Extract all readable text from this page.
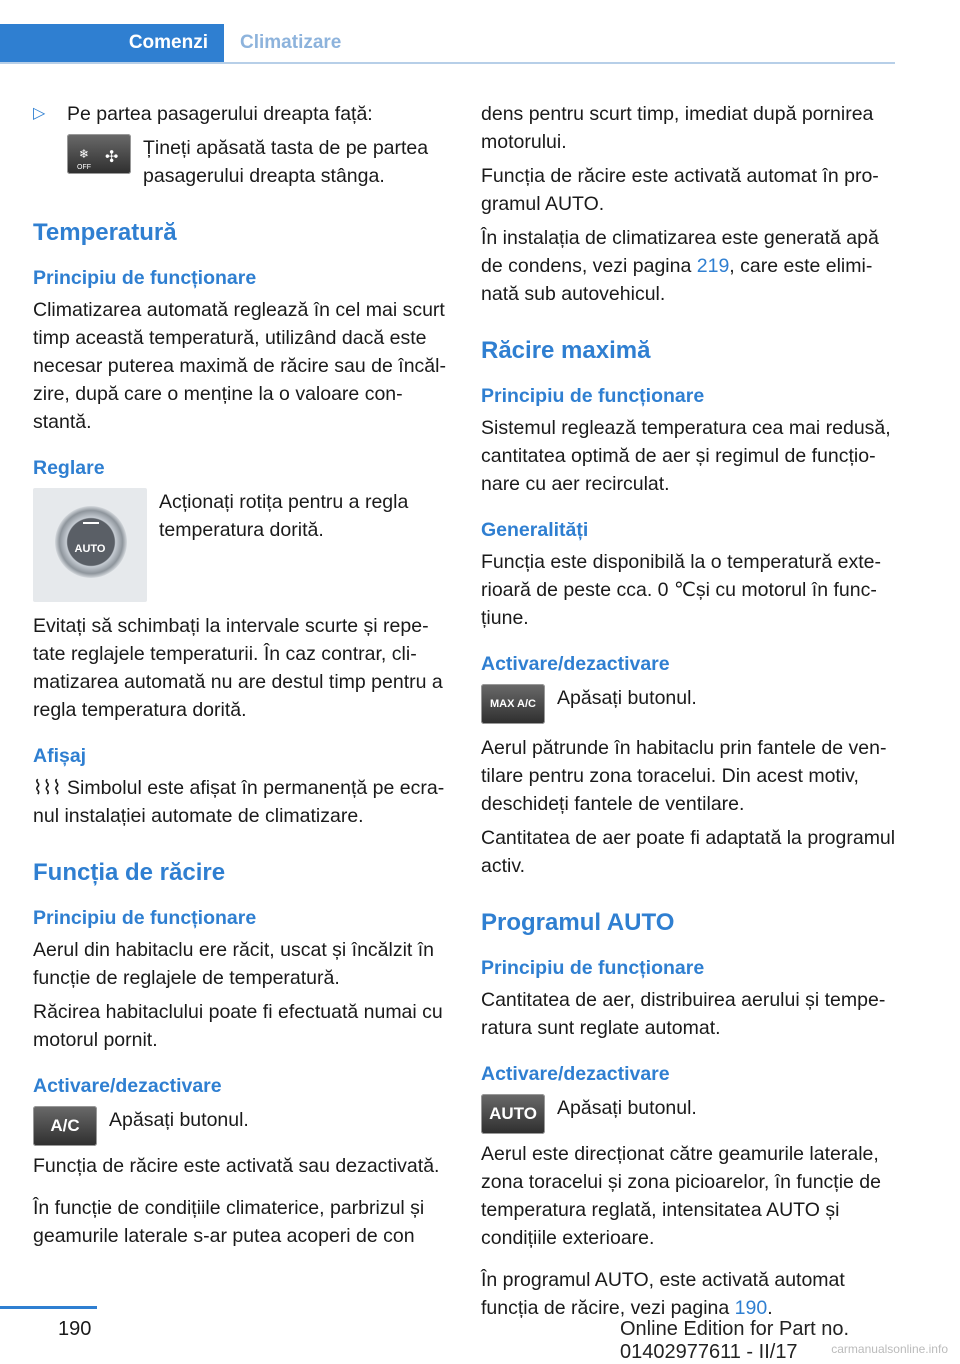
Comenzi Climatizare
▷	Pe partea pasagerului dreapta față:
❄
OFF
✣ Țineți apăsată tasta de pe partea pasagerului dreapta stânga.
Temperatură
Principiu de funcționare

Climatizarea automată reglează în cel mai scurt timp această temperatură, utilizând dacă este necesar puterea maximă de răcire sau de încălzire, după care o menține la o valoare constantă.

Reglare
AUTO
Acționați rotița pentru a regla temperatura dorită.

Evitați să schimbați la intervale scurte și repetate reglajele temperaturii. În caz contrar, climatizarea automată nu are destul timp pentru a regla temperatura dorită.

Afișaj

⌇⌇⌇ Simbolul este afișat în permanență pe ecranul instalației automate de climatizare.

Funcția de răcire
Principiu de funcționare

Aerul din habitaclu ere răcit, uscat și încălzit în funcție de reglajele de temperatură.

Răcirea habitaclului poate fi efectuată numai cu motorul pornit.

Activare/dezactivare
A/C	Apăsați butonul.

Funcția de răcire este activată sau dezactivată.

În funcție de condițiile climaterice, parbrizul și geamurile laterale s-ar putea acoperi de con

dens pentru scurt timp, imediat după pornirea motorului.

Funcția de răcire este activată automat în programul AUTO.

În instalația de climatizarea este generată apă de condens, vezi pagina 219, care este eliminată sub autovehicul.

Răcire maximă
Principiu de funcționare

Sistemul reglează temperatura cea mai redusă, cantitatea optimă de aer și regimul de funcționare cu aer recirculat.

Generalități

Funcția este disponibilă la o temperatură exterioară de peste cca. 0 ℃și cu motorul în funcțiune.

Activare/dezactivare
MAX A/C	Apăsați butonul.

Aerul pătrunde în habitaclu prin fantele de ventilare pentru zona toracelui. Din acest motiv, deschideți fantele de ventilare.

Cantitatea de aer poate fi adaptată la programul activ.

Programul AUTO
Principiu de funcționare

Cantitatea de aer, distribuirea aerului și temperatura sunt reglate automat.

Activare/dezactivare
AUTO	Apăsați butonul.

Aerul este direcționat către geamurile laterale, zona toracelui și zona picioarelor, în funcție de temperatura reglată, intensitatea AUTO și condițiile exterioare.

În programul AUTO, este activată automat funcția de răcire, vezi pagina 190.

190	Online Edition for Part no. 01402977611 - II/17	carmanualsonline.info
